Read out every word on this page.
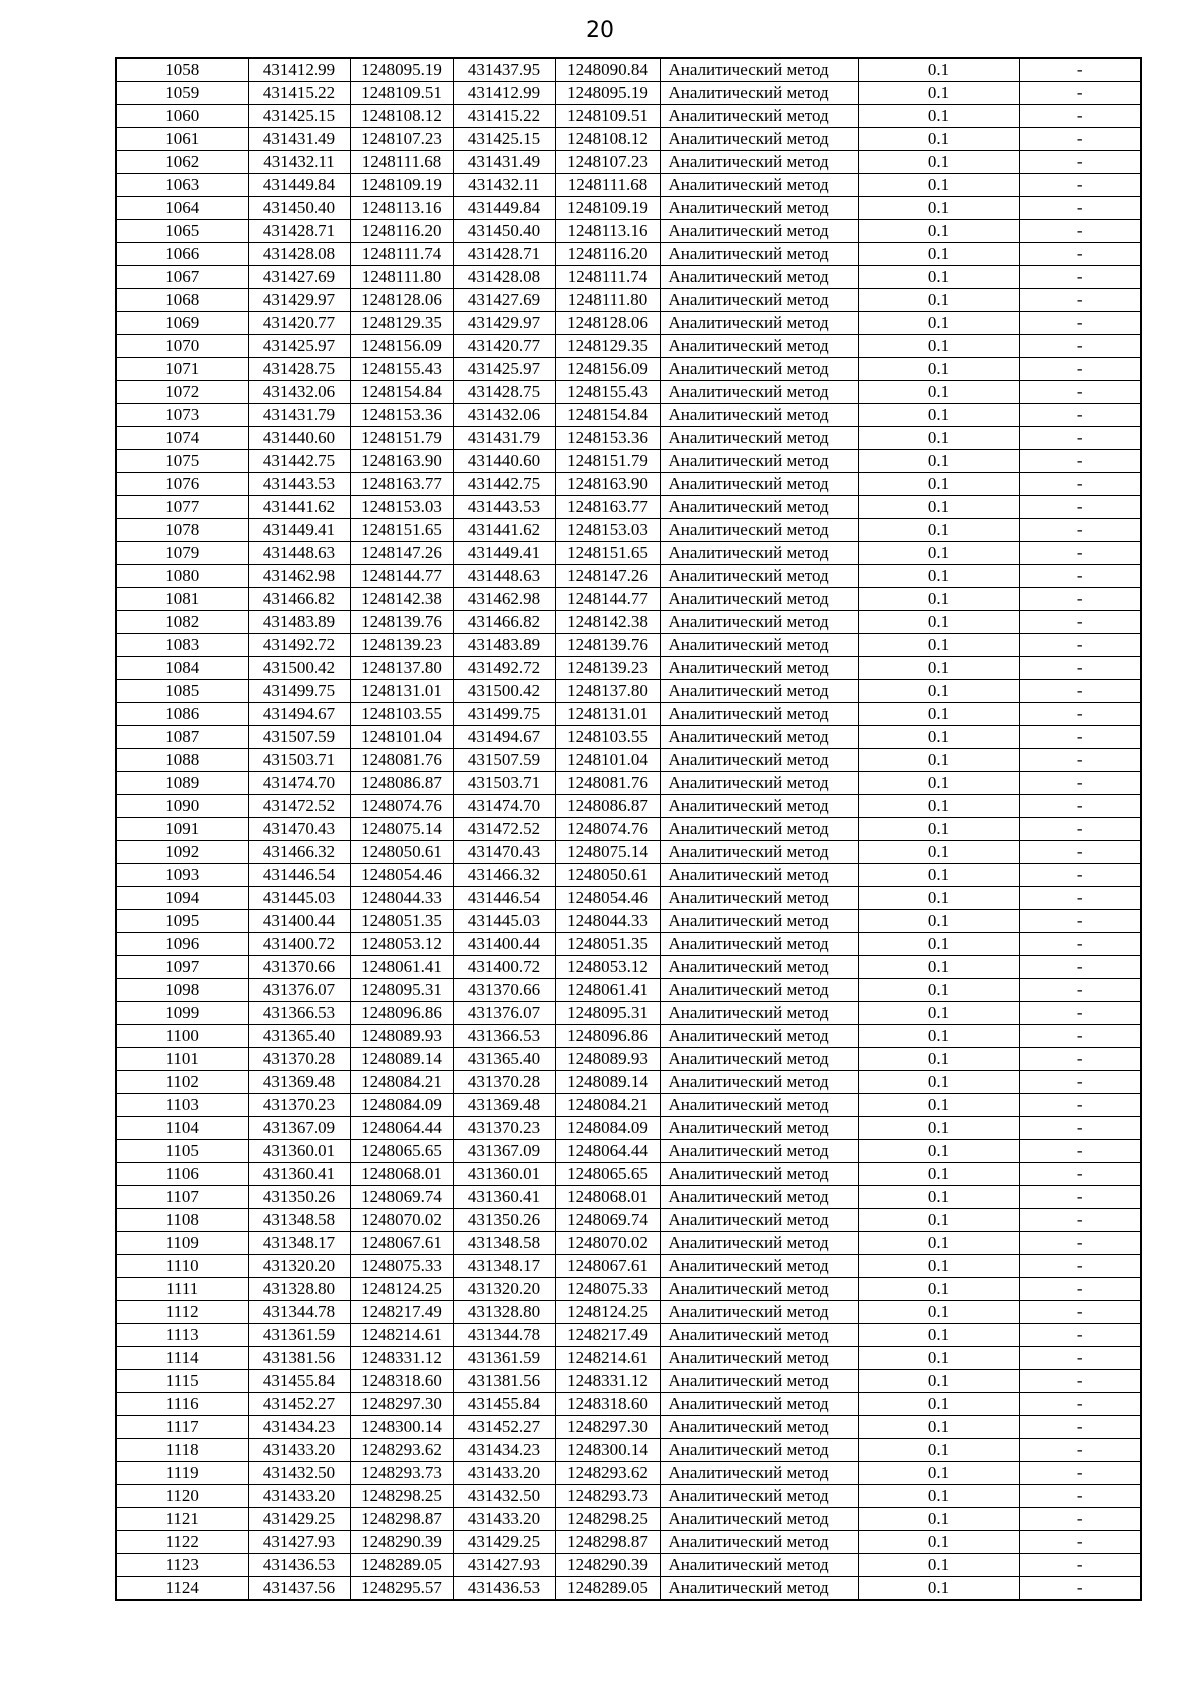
20
1058	431412.99	1248095.19	431437.95	1248090.84	Аналитический метод	0.1	-
1059	431415.22	1248109.51	431412.99	1248095.19	Аналитический метод	0.1	-
1060	431425.15	1248108.12	431415.22	1248109.51	Аналитический метод	0.1	-
1061	431431.49	1248107.23	431425.15	1248108.12	Аналитический метод	0.1	-
1062	431432.11	1248111.68	431431.49	1248107.23	Аналитический метод	0.1	-
1063	431449.84	1248109.19	431432.11	1248111.68	Аналитический метод	0.1	-
1064	431450.40	1248113.16	431449.84	1248109.19	Аналитический метод	0.1	-
1065	431428.71	1248116.20	431450.40	1248113.16	Аналитический метод	0.1	-
1066	431428.08	1248111.74	431428.71	1248116.20	Аналитический метод	0.1	-
1067	431427.69	1248111.80	431428.08	1248111.74	Аналитический метод	0.1	-
1068	431429.97	1248128.06	431427.69	1248111.80	Аналитический метод	0.1	-
1069	431420.77	1248129.35	431429.97	1248128.06	Аналитический метод	0.1	-
1070	431425.97	1248156.09	431420.77	1248129.35	Аналитический метод	0.1	-
1071	431428.75	1248155.43	431425.97	1248156.09	Аналитический метод	0.1	-
1072	431432.06	1248154.84	431428.75	1248155.43	Аналитический метод	0.1	-
1073	431431.79	1248153.36	431432.06	1248154.84	Аналитический метод	0.1	-
1074	431440.60	1248151.79	431431.79	1248153.36	Аналитический метод	0.1	-
1075	431442.75	1248163.90	431440.60	1248151.79	Аналитический метод	0.1	-
1076	431443.53	1248163.77	431442.75	1248163.90	Аналитический метод	0.1	-
1077	431441.62	1248153.03	431443.53	1248163.77	Аналитический метод	0.1	-
1078	431449.41	1248151.65	431441.62	1248153.03	Аналитический метод	0.1	-
1079	431448.63	1248147.26	431449.41	1248151.65	Аналитический метод	0.1	-
1080	431462.98	1248144.77	431448.63	1248147.26	Аналитический метод	0.1	-
1081	431466.82	1248142.38	431462.98	1248144.77	Аналитический метод	0.1	-
1082	431483.89	1248139.76	431466.82	1248142.38	Аналитический метод	0.1	-
1083	431492.72	1248139.23	431483.89	1248139.76	Аналитический метод	0.1	-
1084	431500.42	1248137.80	431492.72	1248139.23	Аналитический метод	0.1	-
1085	431499.75	1248131.01	431500.42	1248137.80	Аналитический метод	0.1	-
1086	431494.67	1248103.55	431499.75	1248131.01	Аналитический метод	0.1	-
1087	431507.59	1248101.04	431494.67	1248103.55	Аналитический метод	0.1	-
1088	431503.71	1248081.76	431507.59	1248101.04	Аналитический метод	0.1	-
1089	431474.70	1248086.87	431503.71	1248081.76	Аналитический метод	0.1	-
1090	431472.52	1248074.76	431474.70	1248086.87	Аналитический метод	0.1	-
1091	431470.43	1248075.14	431472.52	1248074.76	Аналитический метод	0.1	-
1092	431466.32	1248050.61	431470.43	1248075.14	Аналитический метод	0.1	-
1093	431446.54	1248054.46	431466.32	1248050.61	Аналитический метод	0.1	-
1094	431445.03	1248044.33	431446.54	1248054.46	Аналитический метод	0.1	-
1095	431400.44	1248051.35	431445.03	1248044.33	Аналитический метод	0.1	-
1096	431400.72	1248053.12	431400.44	1248051.35	Аналитический метод	0.1	-
1097	431370.66	1248061.41	431400.72	1248053.12	Аналитический метод	0.1	-
1098	431376.07	1248095.31	431370.66	1248061.41	Аналитический метод	0.1	-
1099	431366.53	1248096.86	431376.07	1248095.31	Аналитический метод	0.1	-
1100	431365.40	1248089.93	431366.53	1248096.86	Аналитический метод	0.1	-
1101	431370.28	1248089.14	431365.40	1248089.93	Аналитический метод	0.1	-
1102	431369.48	1248084.21	431370.28	1248089.14	Аналитический метод	0.1	-
1103	431370.23	1248084.09	431369.48	1248084.21	Аналитический метод	0.1	-
1104	431367.09	1248064.44	431370.23	1248084.09	Аналитический метод	0.1	-
1105	431360.01	1248065.65	431367.09	1248064.44	Аналитический метод	0.1	-
1106	431360.41	1248068.01	431360.01	1248065.65	Аналитический метод	0.1	-
1107	431350.26	1248069.74	431360.41	1248068.01	Аналитический метод	0.1	-
1108	431348.58	1248070.02	431350.26	1248069.74	Аналитический метод	0.1	-
1109	431348.17	1248067.61	431348.58	1248070.02	Аналитический метод	0.1	-
1110	431320.20	1248075.33	431348.17	1248067.61	Аналитический метод	0.1	-
1111	431328.80	1248124.25	431320.20	1248075.33	Аналитический метод	0.1	-
1112	431344.78	1248217.49	431328.80	1248124.25	Аналитический метод	0.1	-
1113	431361.59	1248214.61	431344.78	1248217.49	Аналитический метод	0.1	-
1114	431381.56	1248331.12	431361.59	1248214.61	Аналитический метод	0.1	-
1115	431455.84	1248318.60	431381.56	1248331.12	Аналитический метод	0.1	-
1116	431452.27	1248297.30	431455.84	1248318.60	Аналитический метод	0.1	-
1117	431434.23	1248300.14	431452.27	1248297.30	Аналитический метод	0.1	-
1118	431433.20	1248293.62	431434.23	1248300.14	Аналитический метод	0.1	-
1119	431432.50	1248293.73	431433.20	1248293.62	Аналитический метод	0.1	-
1120	431433.20	1248298.25	431432.50	1248293.73	Аналитический метод	0.1	-
1121	431429.25	1248298.87	431433.20	1248298.25	Аналитический метод	0.1	-
1122	431427.93	1248290.39	431429.25	1248298.87	Аналитический метод	0.1	-
1123	431436.53	1248289.05	431427.93	1248290.39	Аналитический метод	0.1	-
1124	431437.56	1248295.57	431436.53	1248289.05	Аналитический метод	0.1	-
